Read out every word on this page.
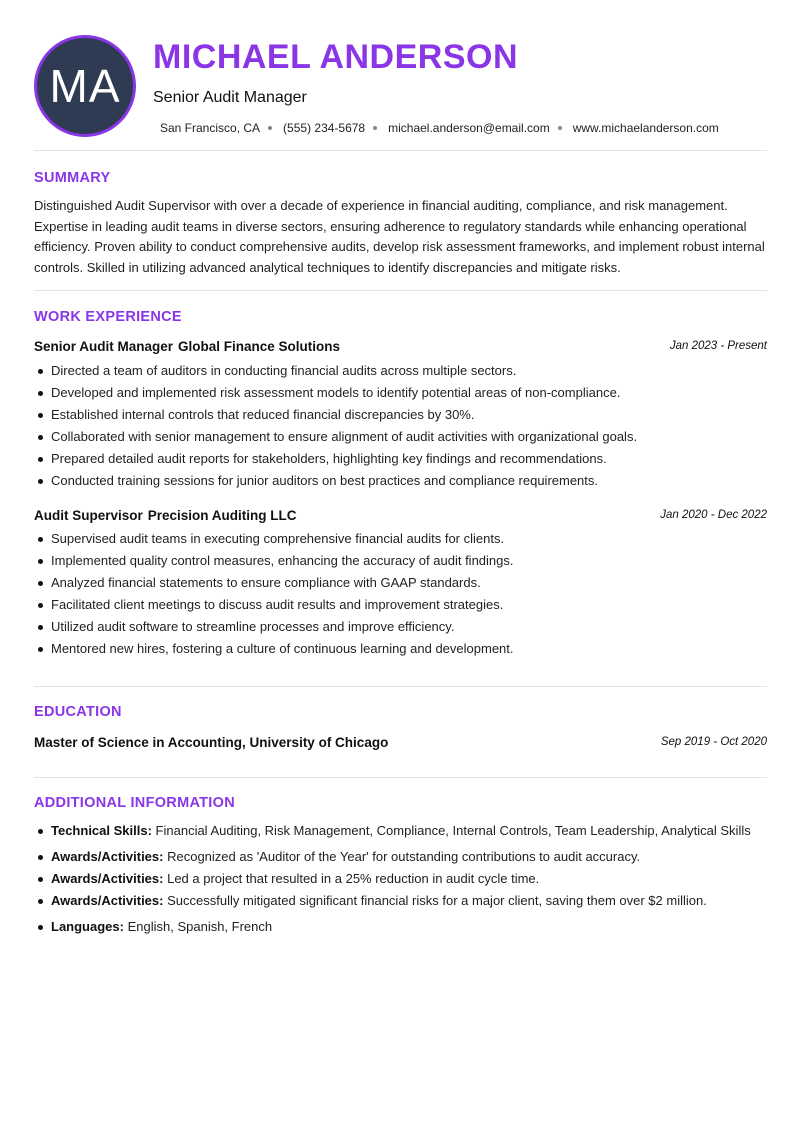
MA
MICHAEL ANDERSON
Senior Audit Manager
San Francisco, CA (555) 234-5678 michael.anderson@email.com www.michaelanderson.com
SUMMARY

Distinguished Audit Supervisor with over a decade of experience in financial auditing, compliance, and risk management. Expertise in leading audit teams in diverse sectors, ensuring adherence to regulatory standards while enhancing operational efficiency. Proven ability to conduct comprehensive audits, develop risk assessment frameworks, and implement robust internal controls. Skilled in utilizing advanced analytical techniques to identify discrepancies and mitigate risks.

WORK EXPERIENCE
Senior Audit Manager Global Finance Solutions	Jan 2023 - Present
Directed a team of auditors in conducting financial audits across multiple sectors.
Developed and implemented risk assessment models to identify potential areas of non-compliance.
Established internal controls that reduced financial discrepancies by 30%.
Collaborated with senior management to ensure alignment of audit activities with organizational goals.
Prepared detailed audit reports for stakeholders, highlighting key findings and recommendations.
Conducted training sessions for junior auditors on best practices and compliance requirements.
Audit Supervisor Precision Auditing LLC	Jan 2020 - Dec 2022
Supervised audit teams in executing comprehensive financial audits for clients.
Implemented quality control measures, enhancing the accuracy of audit findings.
Analyzed financial statements to ensure compliance with GAAP standards.
Facilitated client meetings to discuss audit results and improvement strategies.
Utilized audit software to streamline processes and improve efficiency.
Mentored new hires, fostering a culture of continuous learning and development.
EDUCATION
Master of Science in Accounting, University of Chicago	Sep 2019 - Oct 2020
ADDITIONAL INFORMATION
Technical Skills: Financial Auditing, Risk Management, Compliance, Internal Controls, Team Leadership, Analytical Skills
Awards/Activities: Recognized as 'Auditor of the Year' for outstanding contributions to audit accuracy.
Awards/Activities: Led a project that resulted in a 25% reduction in audit cycle time.
Awards/Activities: Successfully mitigated significant financial risks for a major client, saving them over $2 million.
Languages: English, Spanish, French
